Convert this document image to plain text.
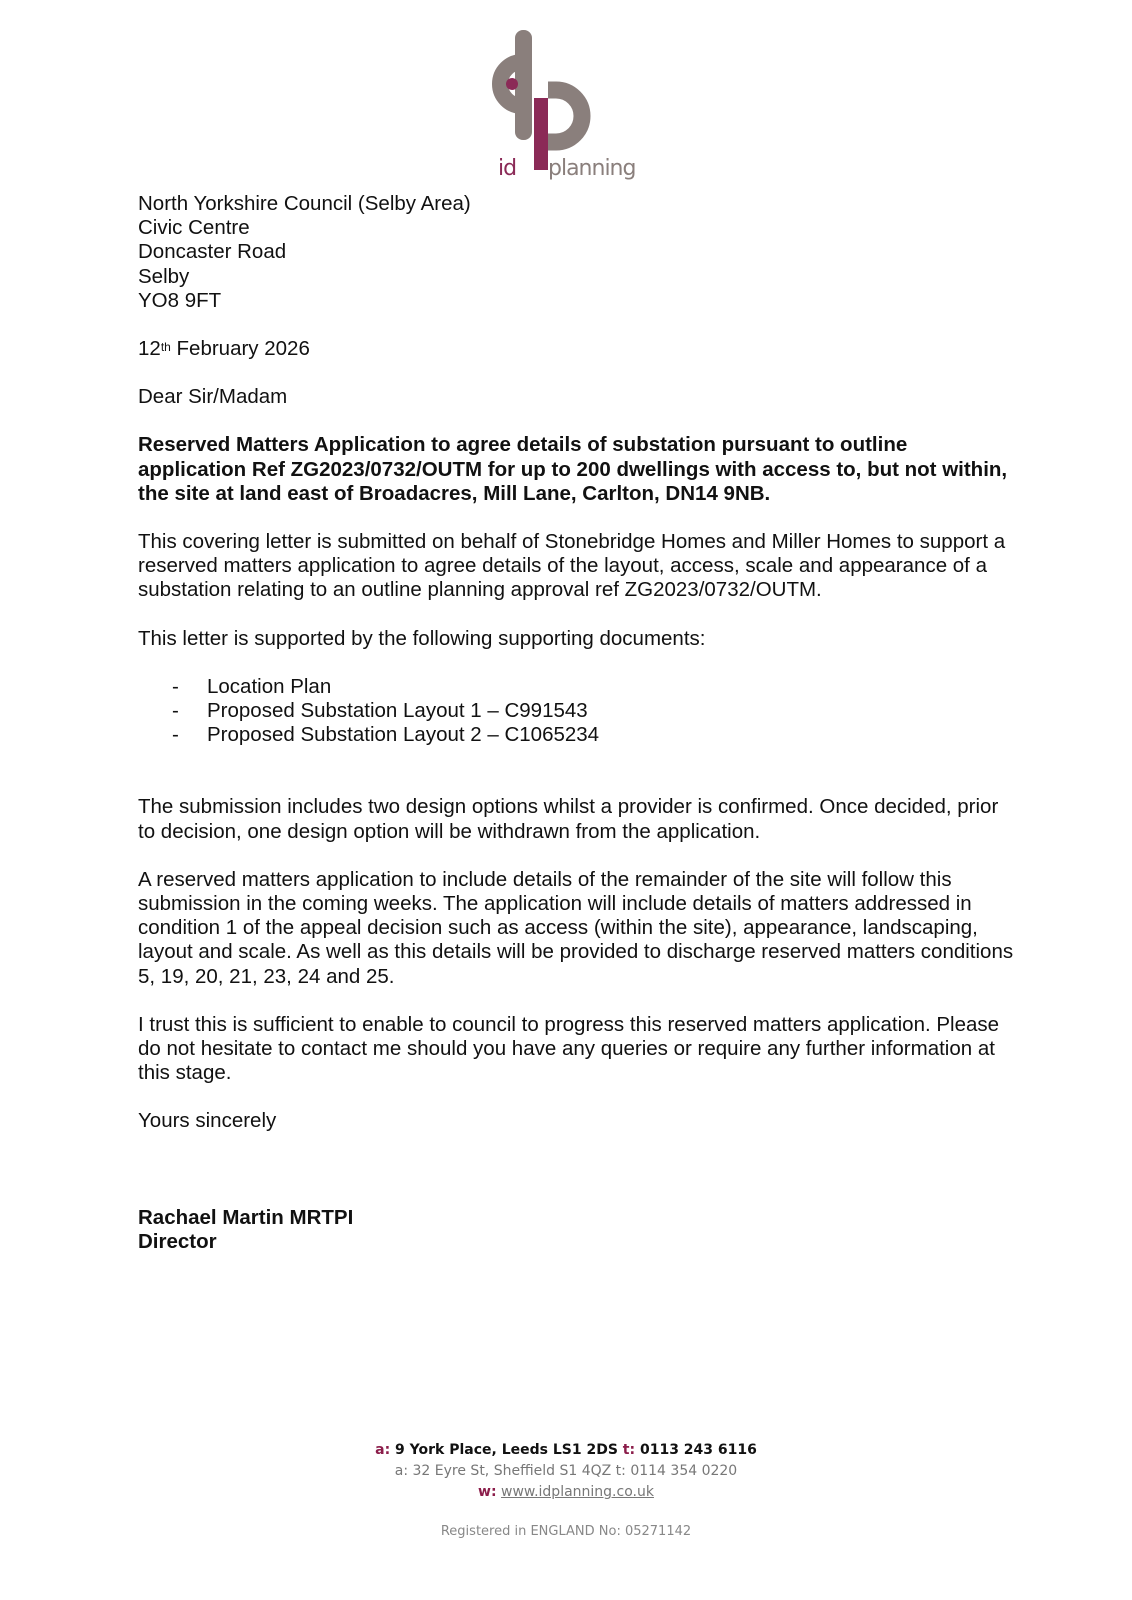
id planning
North Yorkshire Council (Selby Area)
Civic Centre
Doncaster Road
Selby
YO8 9FT

12th February 2026

Dear Sir/Madam

Reserved Matters Application to agree details of substation pursuant to outline application Ref ZG2023/0732/OUTM for up to 200 dwellings with access to, but not within, the site at land east of Broadacres, Mill Lane, Carlton, DN14 9NB.

This covering letter is submitted on behalf of Stonebridge Homes and Miller Homes to support a reserved matters application to agree details of the layout, access, scale and appearance of a substation relating to an outline planning approval ref ZG2023/0732/OUTM.

This letter is supported by the following supporting documents:

- Location Plan
- Proposed Substation Layout 1 – C991543
- Proposed Substation Layout 2 – C1065234

The submission includes two design options whilst a provider is confirmed. Once decided, prior to decision, one design option will be withdrawn from the application.

A reserved matters application to include details of the remainder of the site will follow this submission in the coming weeks. The application will include details of matters addressed in condition 1 of the appeal decision such as access (within the site), appearance, landscaping, layout and scale. As well as this details will be provided to discharge reserved matters conditions 5, 19, 20, 21, 23, 24 and 25.

I trust this is sufficient to enable to council to progress this reserved matters application. Please do not hesitate to contact me should you have any queries or require any further information at this stage.

Yours sincerely

Rachael Martin MRTPI
Director
a: 9 York Place, Leeds LS1 2DS t: 0113 243 6116
a: 32 Eyre St, Sheffield S1 4QZ t: 0114 354 0220
w: www.idplanning.co.uk
Registered in ENGLAND No: 05271142
